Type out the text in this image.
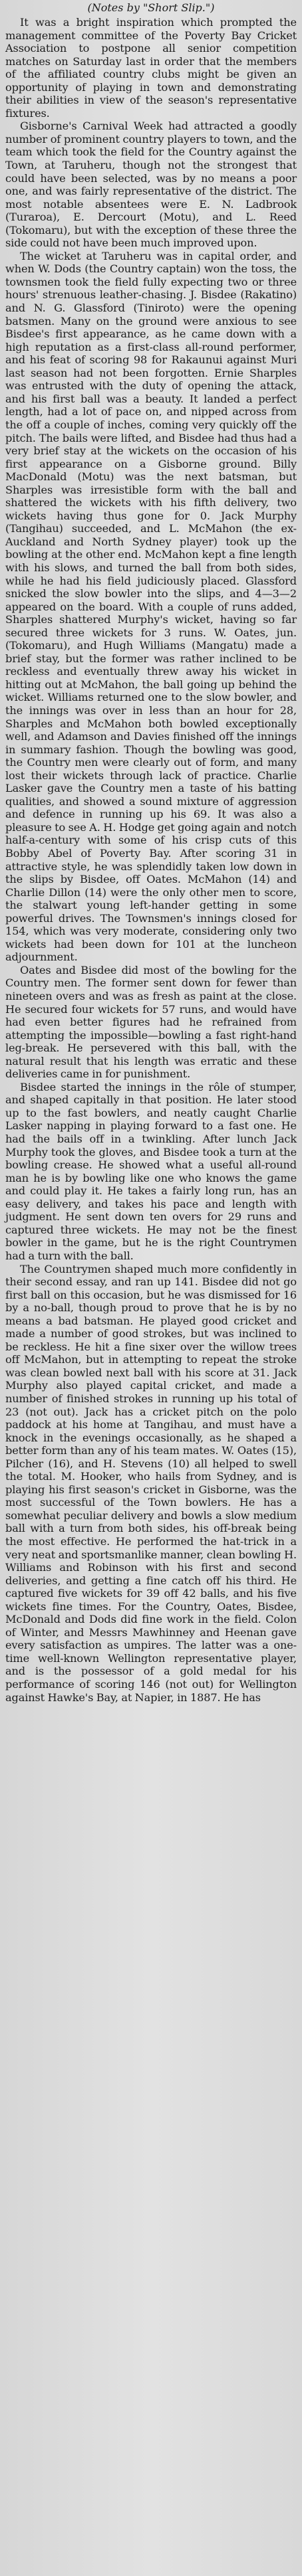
(Notes by "Short Slip.")

It was a bright inspiration which prompted the management committee of the Poverty Bay Cricket Association to postpone all senior competition matches on Saturday last in order that the members of the affiliated country clubs might be given an opportunity of playing in town and demonstrating their abilities in view of the season's representative fixtures.

Gisborne's Carnival Week had attracted a goodly number of prominent country players to town, and the team which took the field for the Country against the Town, at Taruheru, though not the strongest that could have been selected, was by no means a poor one, and was fairly representative of the district. The most notable absentees were E. N. Ladbrook (Turaroa), E. Dercourt (Motu), and L. Reed (Tokomaru), but with the exception of these three the side could not have been much improved upon.

The wicket at Taruheru was in capital order, and when W. Dods (the Country captain) won the toss, the townsmen took the field fully expecting two or three hours' strenuous leather-chasing. J. Bisdee (Rakatino) and N. G. Glassford (Tiniroto) were the opening batsmen. Many on the ground were anxious to see Bisdee's first appearance, as he came down with a high reputation as a first-class all-round performer, and his feat of scoring 98 for Rakaunui against Muri last season had not been forgotten. Ernie Sharples was entrusted with the duty of opening the attack, and his first ball was a beauty. It landed a perfect length, had a lot of pace on, and nipped across from the off a couple of inches, coming very quickly off the pitch. The bails were lifted, and Bisdee had thus had a very brief stay at the wickets on the occasion of his first appearance on a Gisborne ground. Billy MacDonald (Motu) was the next batsman, but Sharples was irresistible form with the ball and shattered the wickets with his fifth delivery, two wickets having thus gone for 0. Jack Murphy (Tangihau) succeeded, and L. McMahon (the ex-Auckland and North Sydney player) took up the bowling at the other end. McMahon kept a fine length with his slows, and turned the ball from both sides, while he had his field judiciously placed. Glassford snicked the slow bowler into the slips, and 4—3—2 appeared on the board. With a couple of runs added, Sharples shattered Murphy's wicket, having so far secured three wickets for 3 runs. W. Oates, jun. (Tokomaru), and Hugh Williams (Mangatu) made a brief stay, but the former was rather inclined to be reckless and eventually threw away his wicket in hitting out at McMahon, the ball going up behind the wicket. Williams returned one to the slow bowler, and the innings was over in less than an hour for 28, Sharples and McMahon both bowled exceptionally well, and Adamson and Davies finished off the innings in summary fashion. Though the bowling was good, the Country men were clearly out of form, and many lost their wickets through lack of practice. Charlie Lasker gave the Country men a taste of his batting qualities, and showed a sound mixture of aggression and defence in running up his 69. It was also a pleasure to see A. H. Hodge get going again and notch half-a-century with some of his crisp cuts of this Bobby Abel of Poverty Bay. After scoring 31 in attractive style, he was splendidly taken low down in the slips by Bisdee, off Oates. McMahon (14) and Charlie Dillon (14) were the only other men to score, the stalwart young left-hander getting in some powerful drives. The Townsmen's innings closed for 154, which was very moderate, considering only two wickets had been down for 101 at the luncheon adjournment.

Oates and Bisdee did most of the bowling for the Country men. The former sent down for fewer than nineteen overs and was as fresh as paint at the close. He secured four wickets for 57 runs, and would have had even better figures had he refrained from attempting the impossible—bowling a fast right-hand leg-break. He persevered with this ball, with the natural result that his length was erratic and these deliveries came in for punishment.

Bisdee started the innings in the rôle of stumper, and shaped capitally in that position. He later stood up to the fast bowlers, and neatly caught Charlie Lasker napping in playing forward to a fast one. He had the bails off in a twinkling. After lunch Jack Murphy took the gloves, and Bisdee took a turn at the bowling crease. He showed what a useful all-round man he is by bowling like one who knows the game and could play it. He takes a fairly long run, has an easy delivery, and takes his pace and length with judgment. He sent down ten overs for 29 runs and captured three wickets. He may not be the finest bowler in the game, but he is the right Countrymen had a turn with the ball.

The Countrymen shaped much more confidently in their second essay, and ran up 141. Bisdee did not go first ball on this occasion, but he was dismissed for 16 by a no-ball, though proud to prove that he is by no means a bad batsman. He played good cricket and made a number of good strokes, but was inclined to be reckless. He hit a fine sixer over the willow trees off McMahon, but in attempting to repeat the stroke was clean bowled next ball with his score at 31. Jack Murphy also played capital cricket, and made a number of finished strokes in running up his total of 23 (not out). Jack has a cricket pitch on the polo paddock at his home at Tangihau, and must have a knock in the evenings occasionally, as he shaped a better form than any of his team mates. W. Oates (15), Pilcher (16), and H. Stevens (10) all helped to swell the total. M. Hooker, who hails from Sydney, and is playing his first season's cricket in Gisborne, was the most successful of the Town bowlers. He has a somewhat peculiar delivery and bowls a slow medium ball with a turn from both sides, his off-break being the most effective. He performed the hat-trick in a very neat and sportsmanlike manner, clean bowling H. Williams and Robinson with his first and second deliveries, and getting a fine catch off his third. He captured five wickets for 39 off 42 balls, and his five wickets fine times. For the Country, Oates, Bisdee, McDonald and Dods did fine work in the field. Colon of Winter, and Messrs Mawhinney and Heenan gave every satisfaction as umpires. The latter was a one-time well-known Wellington representative player, and is the possessor of a gold medal for his performance of scoring 146 (not out) for Wellington against Hawke's Bay, at Napier, in 1887. He has
